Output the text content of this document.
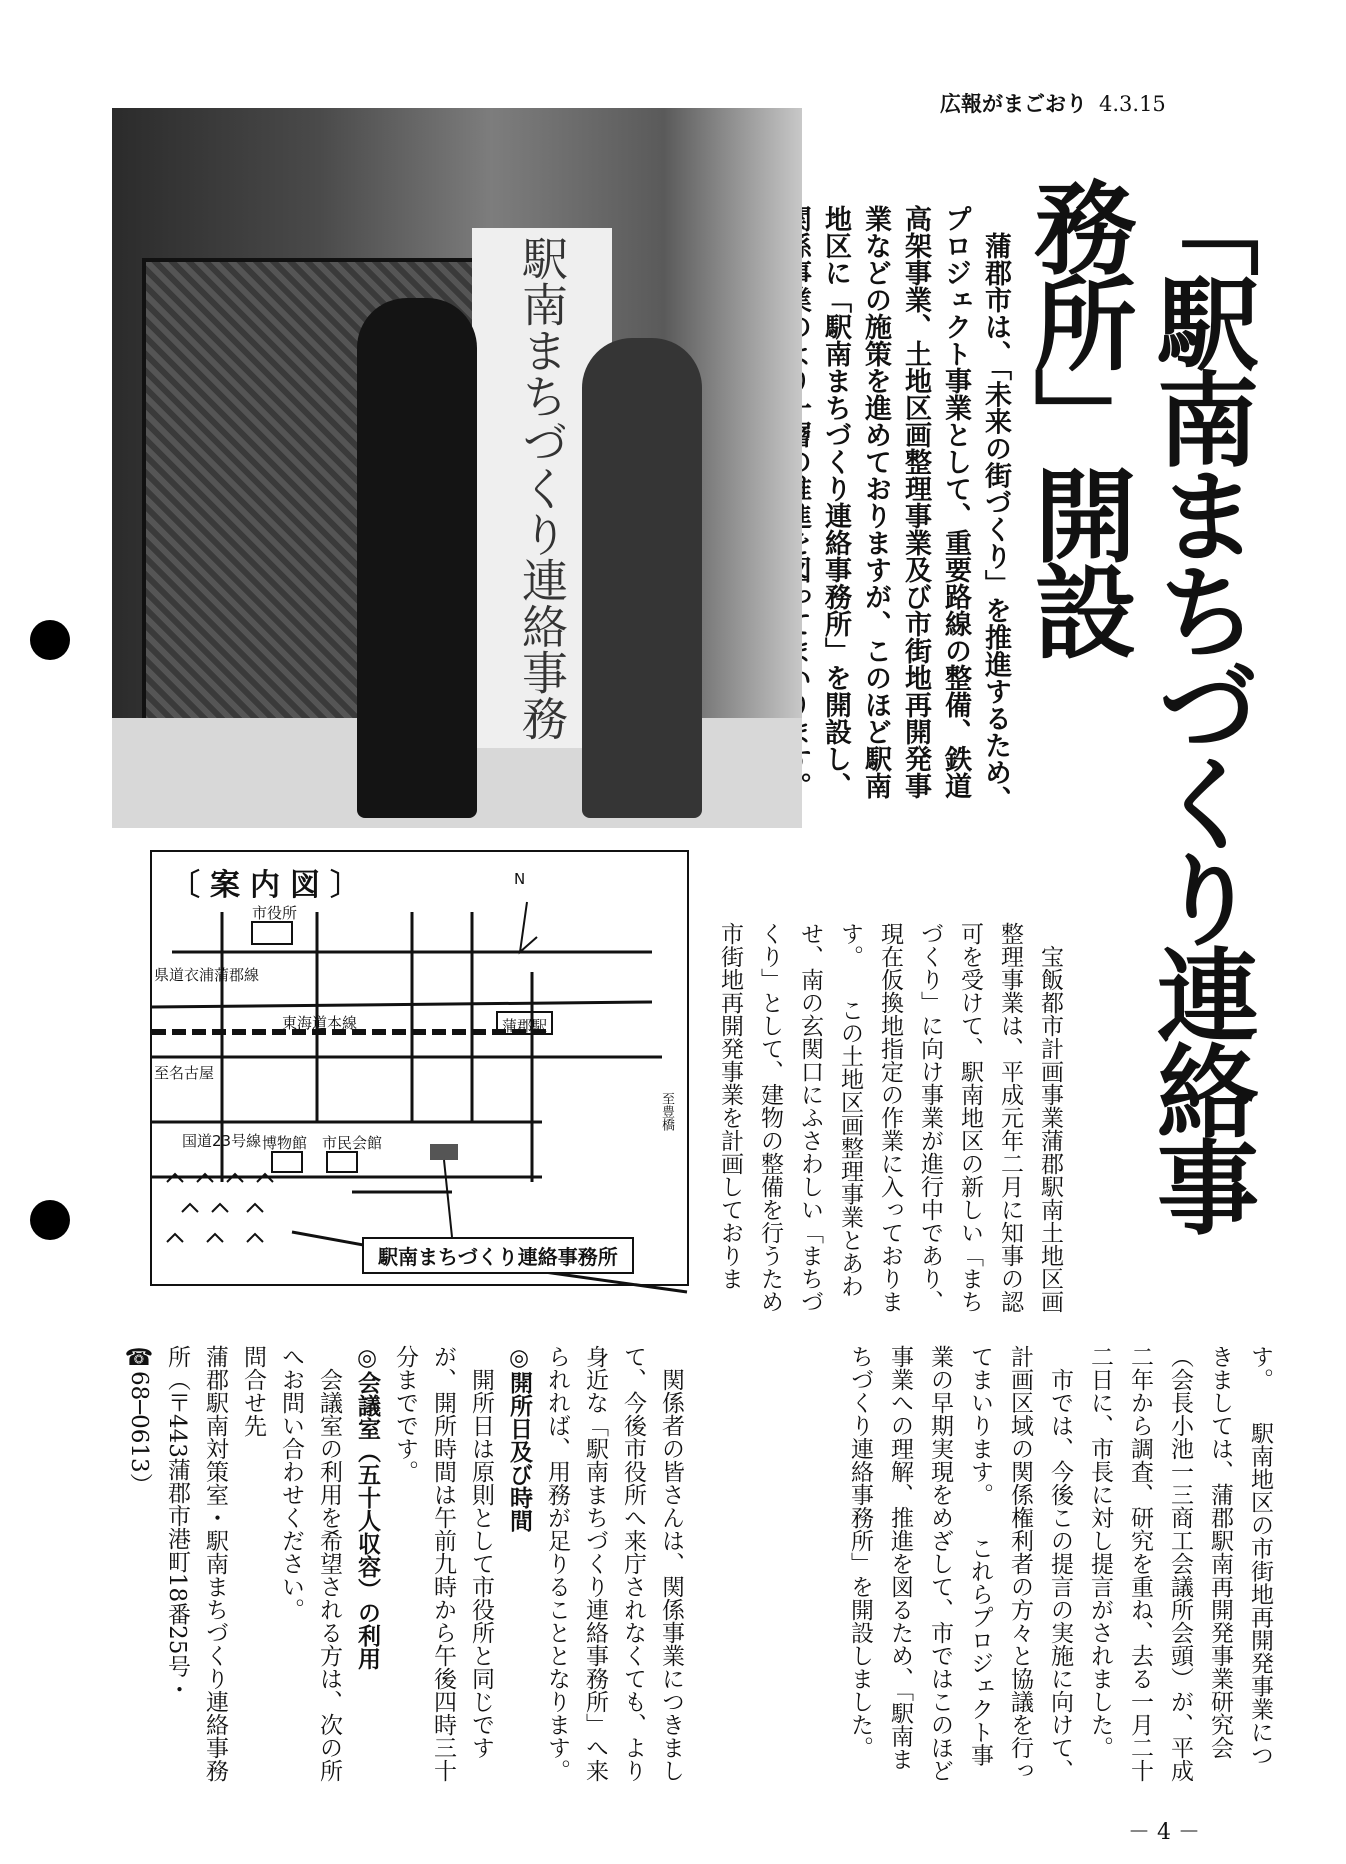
広報がまごおり 4.3.15
「駅南まちづくり連絡事務所」開設
　蒲郡市は、「未来の街づくり」を推進するため、プロジェクト事業として、重要路線の整備、鉄道高架事業、土地区画整理事業及び市街地再開発事業などの施策を進めておりますが、このほど駅南地区に「駅南まちづくり連絡事務所」を開設し、
駅南まちづくり連絡事務
〔案内図〕	N
市役所
県道衣浦蒲郡線
東海道本線	蒲郡駅
至名古屋
至豊橋
国道23号線 博物館 市民会館
駅南まちづくり連絡事務所	　宝飯都市計画事業蒲郡駅南土地区画整理事業は、平成元年二月に知事の認可を受けて、駅南地区の新しい「まちづくり」に向け事業が進行中であり、現在仮換地指定の作業に入っております。 　この土地区画整理事業とあわせ、南の玄関口にふさわしい「まちづくり」として、建物の整備を行うため市街地再開発事業を計画しておりま
す。 　駅南地区の市街地再開発事業につきましては、蒲郡駅南再開発事業研究会（会長小池一三商工会議所会頭）が、平成二年から調査、研究を重ね、去る一月二十二日に、市長に対し提言がされました。 　市では、今後この提言の実施に向けて、計画区域の関係権利者の方々と協議を行ってまいります。 　これらプロジェクト事業の早期実現をめざして、市ではこのほど事業への理解、推進を図るため、「駅南まちづくり連絡事務所」を開設しました。
　関係者の皆さんは、関係事業につきまして、今後市役所へ来庁されなくても、より身近な「駅南まちづくり連絡事務所」へ来られれば、用務が足りることとなります。
◎開所日及び時間
　開所日は原則として市役所と同じですが、開所時間は午前九時から午後四時三十分までです。
◎会議室（五十人収容）の利用
　会議室の利用を希望される方は、次の所へお問い合わせください。
問合せ先
蒲郡駅南対策室・駅南まちづくり連絡事務所（〒443蒲郡市港町18番25号・
☎68─0613）
－ 4 －
